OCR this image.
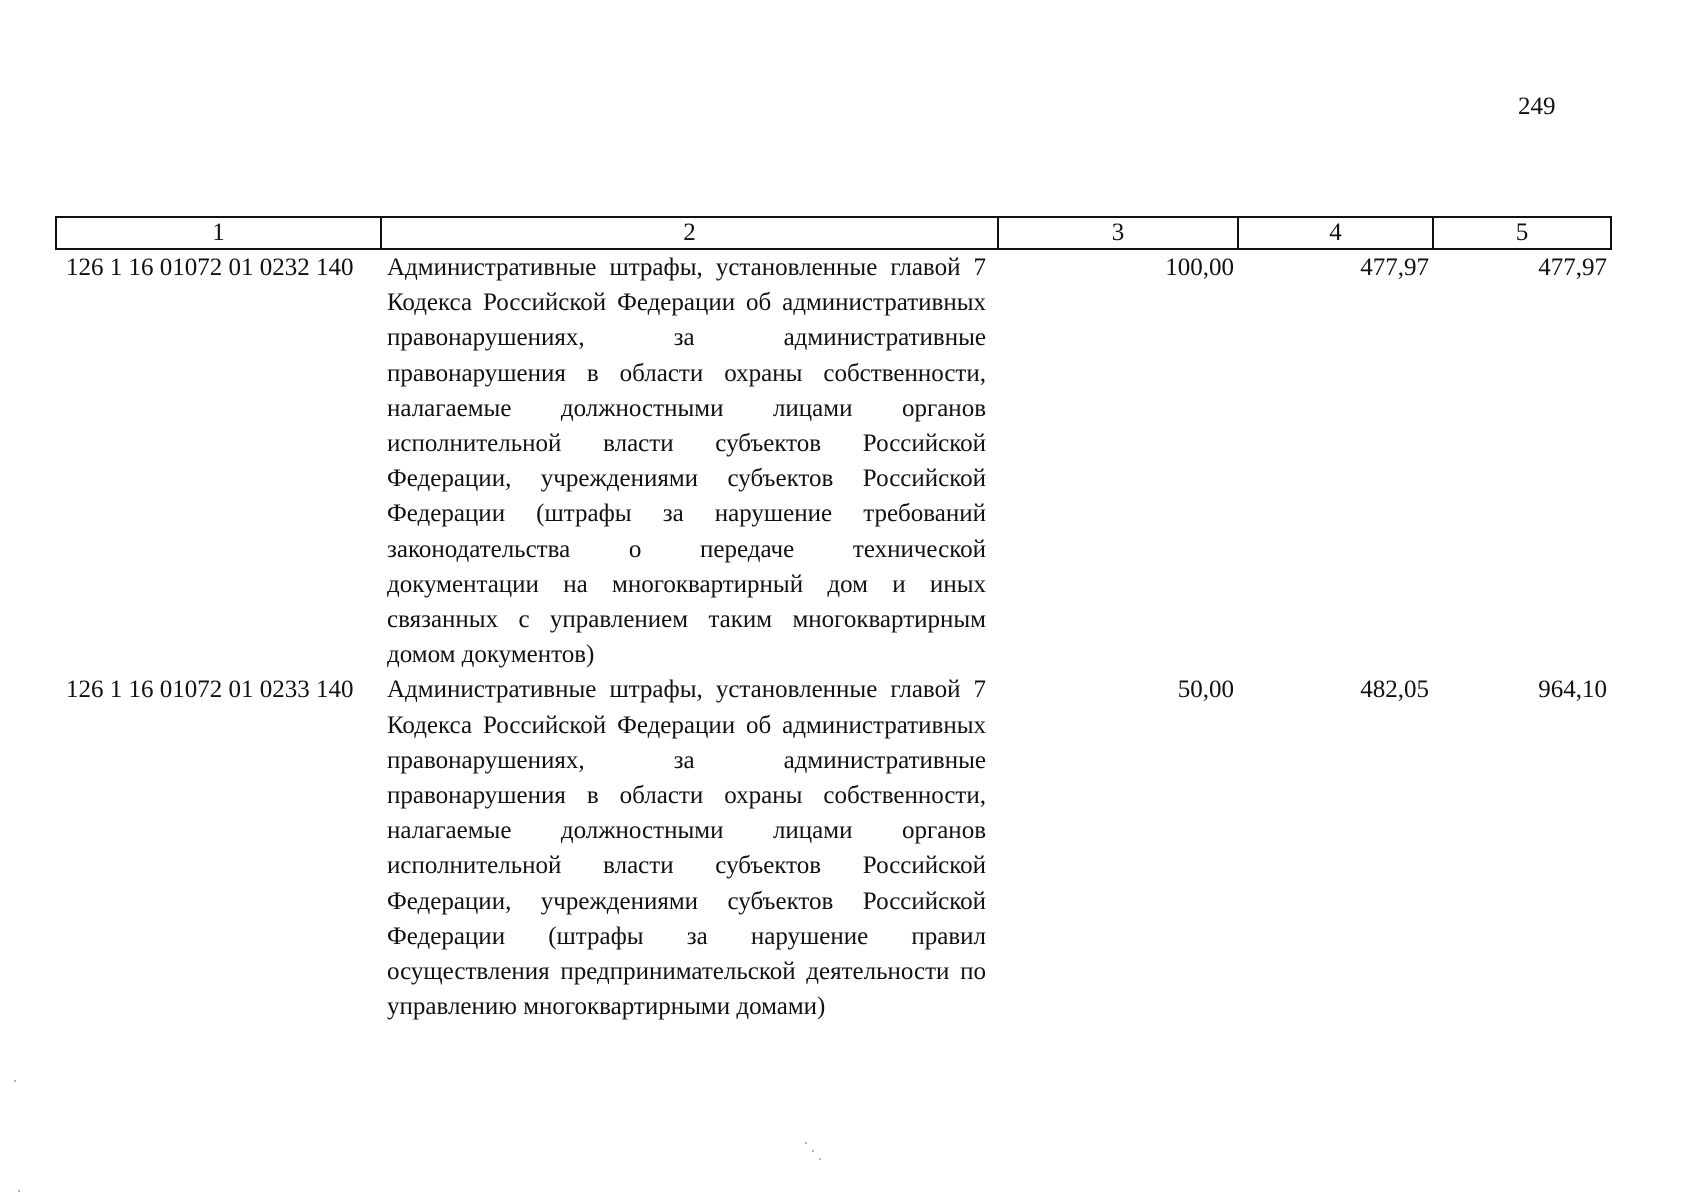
249
1	2	3	4	5
126 1 16 01072 01 0232 140	Административные штрафы, установленные главой 7 Кодекса Российской Федерации об административных правонарушениях, за административные правонарушения в области охраны собственности, налагаемые должностными лицами органов исполнительной власти субъектов Российской Федерации, учреждениями субъектов Российской Федерации (штрафы за нарушение требований законодательства о передаче технической документации на многоквартирный дом и иных связанных с управлением таким многоквартирным домом документов)	100,00	477,97	477,97
126 1 16 01072 01 0233 140	Административные штрафы, установленные главой 7 Кодекса Российской Федерации об административных правонарушениях, за административные правонарушения в области охраны собственности, налагаемые должностными лицами органов исполнительной власти субъектов Российской Федерации, учреждениями субъектов Российской Федерации (штрафы за нарушение правил осуществления предпринимательской деятельности по управлению многоквартирными домами)	50,00	482,05	964,10
